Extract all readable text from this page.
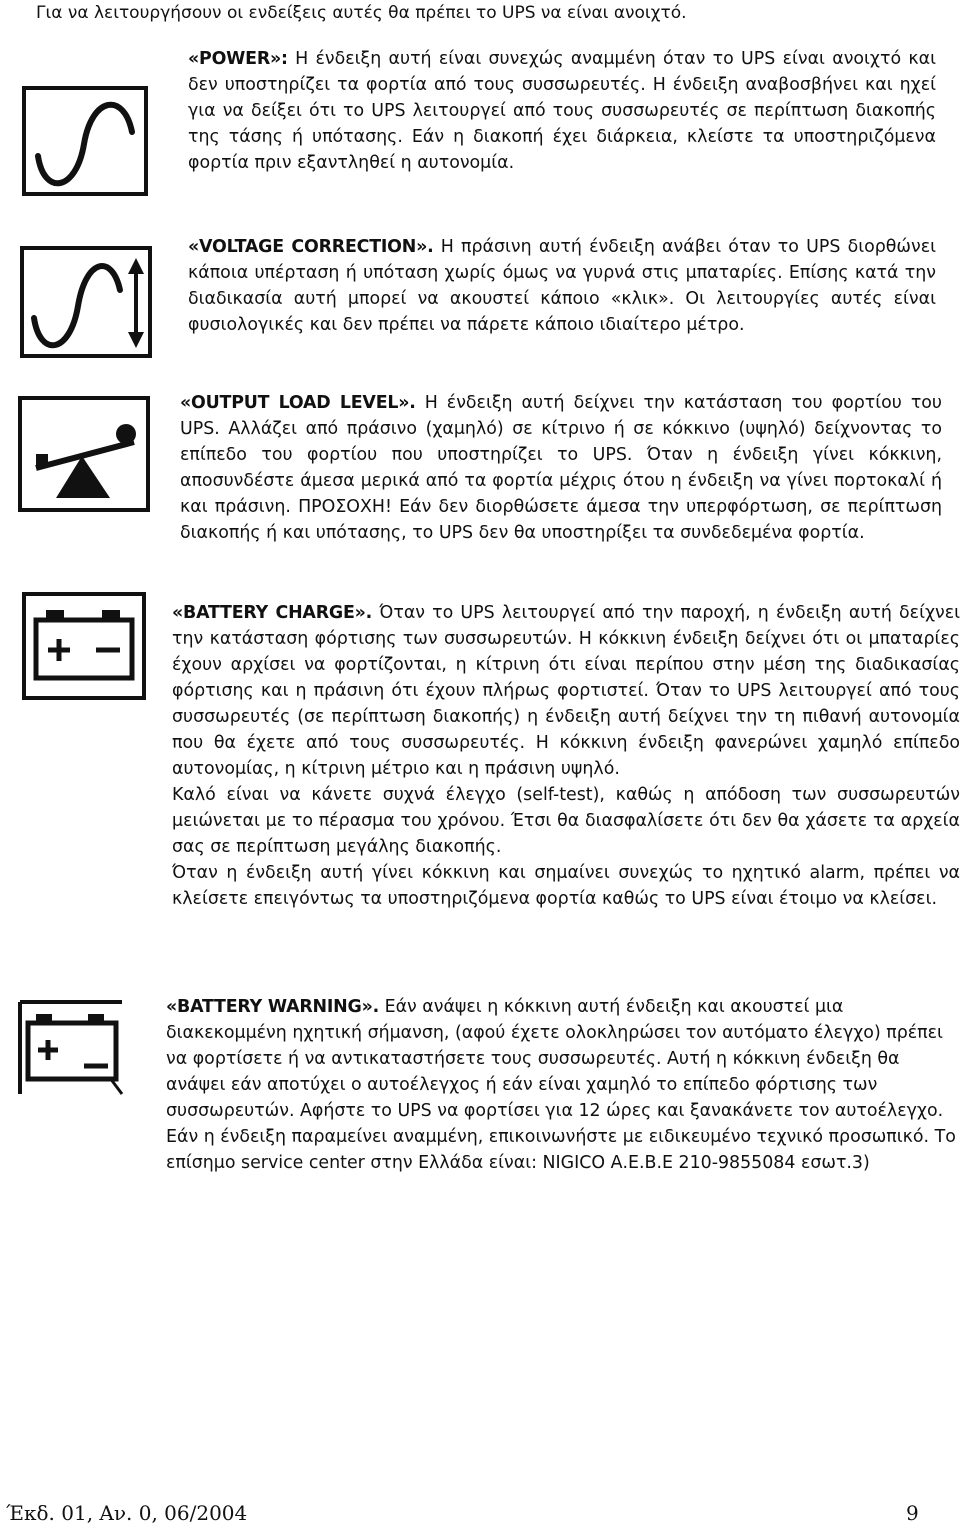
Για να λειτουργήσουν οι ενδείξεις αυτές θα πρέπει το UPS να είναι ανοιχτό.

«POWER»: Η ένδειξη αυτή είναι συνεχώς αναμμένη όταν το UPS είναι ανοιχτό και δεν υποστηρίζει τα φορτία από τους συσσωρευτές. Η ένδειξη αναβοσβήνει και ηχεί για να δείξει ότι το UPS λειτουργεί από τους συσσωρευτές σε περίπτωση διακοπής της τάσης ή υπότασης. Εάν η διακοπή έχει διάρκεια, κλείστε τα υποστηριζόμενα φορτία πριν εξαντληθεί η αυτονομία.

«VOLTAGE CORRECTION». Η πράσινη αυτή ένδειξη ανάβει όταν το UPS διορθώνει κάποια υπέρταση ή υπόταση χωρίς όμως να γυρνά στις μπαταρίες. Επίσης κατά την διαδικασία αυτή μπορεί να ακουστεί κάποιο «κλικ». Οι λειτουργίες αυτές είναι φυσιολογικές και δεν πρέπει να πάρετε κάποιο ιδιαίτερο μέτρο.

«OUTPUT LOAD LEVEL». Η ένδειξη αυτή δείχνει την κατάσταση του φορτίου του UPS. Αλλάζει από πράσινο (χαμηλό) σε κίτρινο ή σε κόκκινο (υψηλό) δείχνοντας το επίπεδο του φορτίου που υποστηρίζει το UPS. Όταν η ένδειξη γίνει κόκκινη, αποσυνδέστε άμεσα μερικά από τα φορτία μέχρις ότου η ένδειξη να γίνει πορτοκαλί ή και πράσινη. ΠΡΟΣΟΧΗ! Εάν δεν διορθώσετε άμεσα την υπερφόρτωση, σε περίπτωση διακοπής ή και υπότασης, το UPS δεν θα υποστηρίξει τα συνδεδεμένα φορτία.

«BATTERY CHARGE». Όταν το UPS λειτουργεί από την παροχή, η ένδειξη αυτή δείχνει την κατάσταση φόρτισης των συσσωρευτών. Η κόκκινη ένδειξη δείχνει ότι οι μπαταρίες έχουν αρχίσει να φορτίζονται, η κίτρινη ότι είναι περίπου στην μέση της διαδικασίας φόρτισης και η πράσινη ότι έχουν πλήρως φορτιστεί. Όταν το UPS λειτουργεί από τους συσσωρευτές (σε περίπτωση διακοπής) η ένδειξη αυτή δείχνει την τη πιθανή αυτονομία που θα έχετε από τους συσσωρευτές. Η κόκκινη ένδειξη φανερώνει χαμηλό επίπεδο αυτονομίας, η κίτρινη μέτριο και η πράσινη υψηλό.
Καλό είναι να κάνετε συχνά έλεγχο (self-test), καθώς η απόδοση των συσσωρευτών μειώνεται με το πέρασμα του χρόνου. Έτσι θα διασφαλίσετε ότι δεν θα χάσετε τα αρχεία σας σε περίπτωση μεγάλης διακοπής.
Όταν η ένδειξη αυτή γίνει κόκκινη και σημαίνει συνεχώς το ηχητικό alarm, πρέπει να κλείσετε επειγόντως τα υποστηριζόμενα φορτία καθώς το UPS είναι έτοιμο να κλείσει.

«BATTERY WARNING». Εάν ανάψει η κόκκινη αυτή ένδειξη και ακουστεί μια διακεκομμένη ηχητική σήμανση, (αφού έχετε ολοκληρώσει τον αυτόματο έλεγχο) πρέπει να φορτίσετε ή να αντικαταστήσετε τους συσσωρευτές. Αυτή η κόκκινη ένδειξη θα ανάψει εάν αποτύχει ο αυτοέλεγχος ή εάν είναι χαμηλό το επίπεδο φόρτισης των συσσωρευτών. Αφήστε το UPS να φορτίσει για 12 ώρες και ξανακάνετε τον αυτοέλεγχο. Εάν η ένδειξη παραμείνει αναμμένη, επικοινωνήστε με ειδικευμένο τεχνικό προσωπικό. Το επίσημο service center στην Ελλάδα είναι: NIGICO Α.Ε.Β.Ε 210-9855084 εσωτ.3)

Έκδ. 01, Αν. 0, 06/2004	9
